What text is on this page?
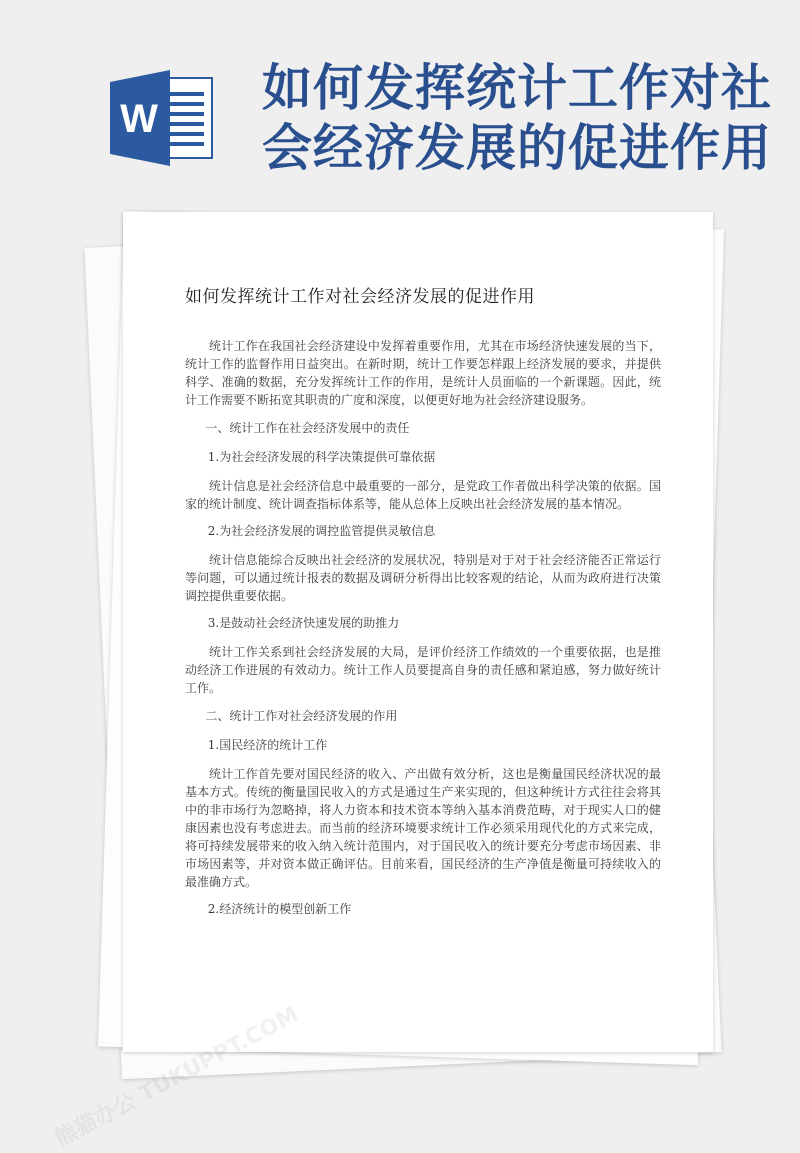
W
如何发挥统计工作对社会经济发展的促进作用
如何发挥统计工作对社会经济发展的促进作用

统计工作在我国社会经济建设中发挥着重要作用，尤其在市场经济快速发展的当下，统计工作的监督作用日益突出。在新时期，统计工作要怎样跟上经济发展的要求，并提供科学、准确的数据，充分发挥统计工作的作用，是统计人员面临的一个新课题。因此，统计工作需要不断拓宽其职责的广度和深度，以便更好地为社会经济建设服务。

一、统计工作在社会经济发展中的责任

1.为社会经济发展的科学决策提供可靠依据

统计信息是社会经济信息中最重要的一部分，是党政工作者做出科学决策的依据。国家的统计制度、统计调查指标体系等，能从总体上反映出社会经济发展的基本情况。

2.为社会经济发展的调控监管提供灵敏信息

统计信息能综合反映出社会经济的发展状况，特别是对于对于社会经济能否正常运行等问题，可以通过统计报表的数据及调研分析得出比较客观的结论，从而为政府进行决策调控提供重要依据。

3.是鼓动社会经济快速发展的助推力

统计工作关系到社会经济发展的大局，是评价经济工作绩效的一个重要依据，也是推动经济工作进展的有效动力。统计工作人员要提高自身的责任感和紧迫感，努力做好统计工作。

二、统计工作对社会经济发展的作用

1.国民经济的统计工作

统计工作首先要对国民经济的收入、产出做有效分析，这也是衡量国民经济状况的最基本方式。传统的衡量国民收入的方式是通过生产来实现的，但这种统计方式往往会将其中的非市场行为忽略掉，将人力资本和技术资本等纳入基本消费范畴，对于现实人口的健康因素也没有考虑进去。而当前的经济环境要求统计工作必须采用现代化的方式来完成，将可持续发展带来的收入纳入统计范围内，对于国民收入的统计要充分考虑市场因素、非市场因素等，并对资本做正确评估。目前来看，国民经济的生产净值是衡量可持续收入的最准确方式。

2.经济统计的模型创新工作

熊猫办公 TUKUPPT.COM
